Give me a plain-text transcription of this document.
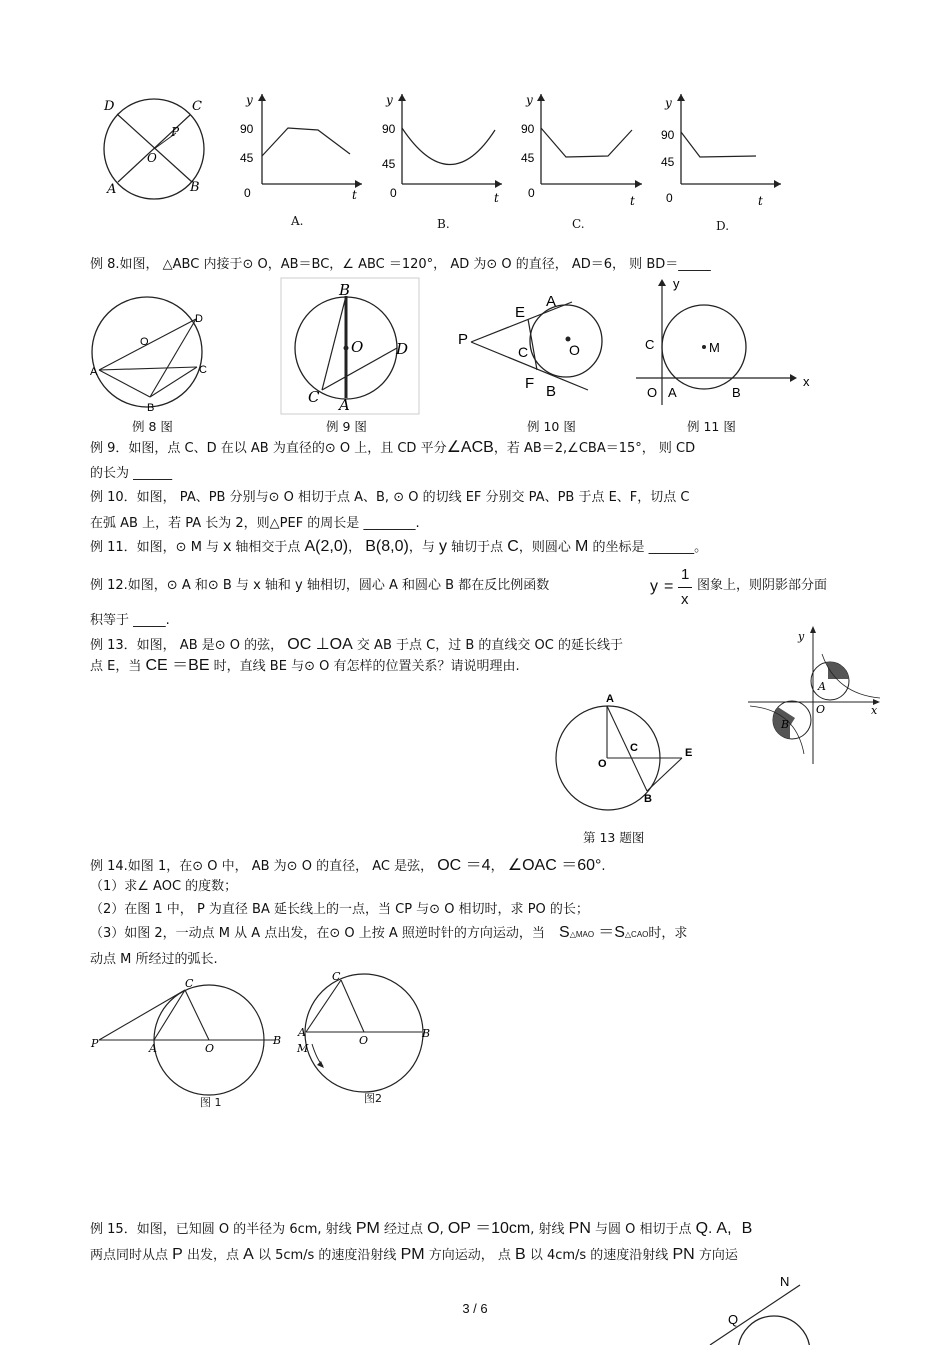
D	C
P
O
A	B
y
90
45
0	t
y
90
45
0	t
y
90
45
0
t
y
90
45
0	t
A.	B.	C.	D.
例 8.如图， △ABC 内接于⊙ O，AB＝BC，∠ ABC ＝120°， AD 为⊙ O 的直径， AD＝6， 则 BD＝_____
O
D
A	C
B
B
O D
C A
E
A
P
C	O
F B
y
C	M
O A	B
x
例 8 图	例 9 图	例 10 图	例 11 图
例 9．如图，点 C、D 在以 AB 为直径的⊙ O 上，且 CD 平分∠ACB，若 AB＝2,∠CBA＝15°， 则 CD
的长为 ______
例 10．如图， PA、PB 分别与⊙ O 相切于点 A、B, ⊙ O 的切线 EF 分别交 PA、PB 于点 E、F，切点 C
在弧 AB 上，若 PA 长为 2，则△PEF 的周长是 ________.
例 11．如图，⊙ M 与 x 轴相交于点 A(2,0)， B(8,0)，与 y 轴切于点 C，则圆心 M 的坐标是 _______。
例 12.如图，⊙ A 和⊙ B 与 x 轴和 y 轴相切，圆心 A 和圆心 B 都在反比例函数	y =
1
x
图象上，则阴影部分面
积等于 _____.
例 13．如图， AB 是⊙ O 的弦， OC ⊥OA 交 AB 于点 C，过 B 的直线交 OC 的延长线于
点 E，当 CE ＝BE 时，直线 BE 与⊙ O 有怎样的位置关系？请说明理由.
y
A
B
O	x
A
C	E
O
B
第 13 题图
例 14.如图 1，在⊙ O 中， AB 为⊙ O 的直径， AC 是弦， OC ＝4， ∠OAC ＝60°.
（1）求∠ AOC 的度数；
（2）在图 1 中， P 为直径 BA 延长线上的一点，当 CP 与⊙ O 相切时，求 PO 的长；
（3）如图 2，一动点 M 从 A 点出发，在⊙ O 上按 A 照逆时针的方向运动，当 S△MAO ＝S△CAO时，求
动点 M 所经过的弧长.
C
P	A	O
B
C
A
M
O
B
图 1	图2
例 15．如图，已知圆 O 的半径为 6cm, 射线 PM 经过点 O, OP ＝10cm, 射线 PN 与圆 O 相切于点 Q. A, B
两点同时从点 P 出发，点 A 以 5cm/s 的速度沿射线 PM 方向运动， 点 B 以 4cm/s 的速度沿射线 PN 方向运
N
Q
3 / 6
